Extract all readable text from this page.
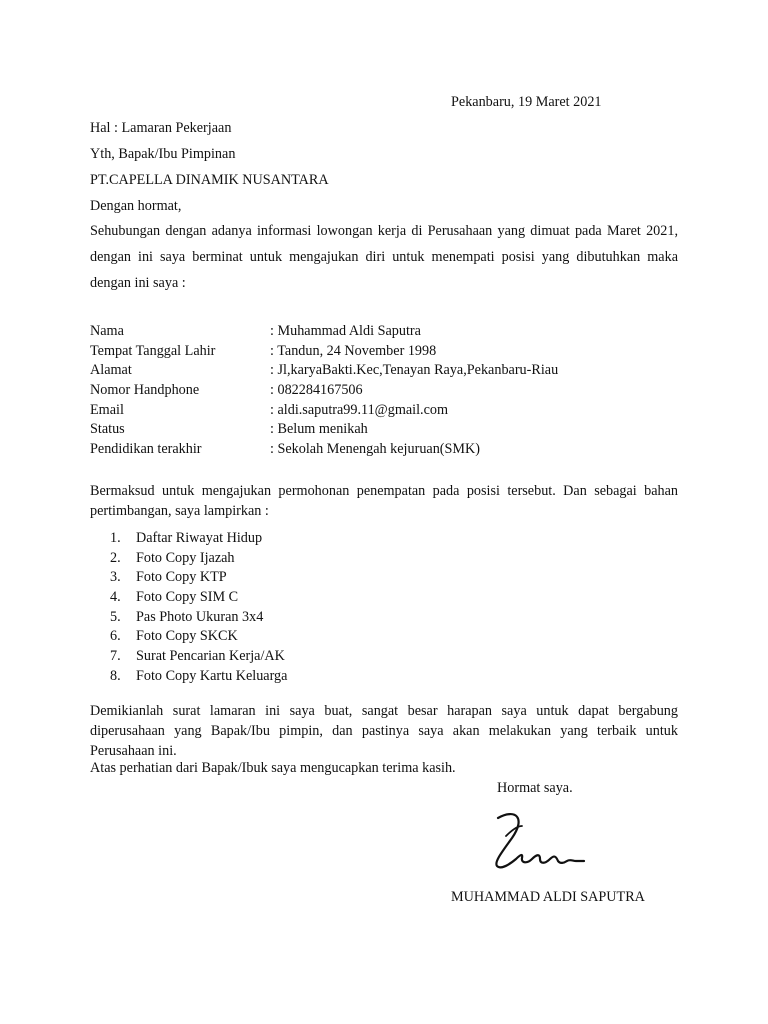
Pekanbaru, 19 Maret 2021
Hal : Lamaran Pekerjaan
Yth, Bapak/Ibu Pimpinan
PT.CAPELLA DINAMIK NUSANTARA
Dengan hormat,
Sehubungan dengan adanya informasi lowongan kerja di Perusahaan yang dimuat pada Maret 2021, dengan ini saya berminat untuk mengajukan diri untuk menempati posisi yang dibutuhkan maka dengan ini saya :
Nama	: Muhammad Aldi Saputra
Tempat Tanggal Lahir	: Tandun, 24 November 1998
Alamat	: Jl,karyaBakti.Kec,Tenayan Raya,Pekanbaru-Riau
Nomor Handphone	: 082284167506
Email	: aldi.saputra99.11@gmail.com
Status	: Belum menikah
Pendidikan terakhir	: Sekolah Menengah kejuruan(SMK)
Bermaksud untuk mengajukan permohonan penempatan pada posisi tersebut. Dan sebagai bahan pertimbangan, saya lampirkan :
1.	Daftar Riwayat Hidup
2.	Foto Copy Ijazah
3.	Foto Copy KTP
4.	Foto Copy SIM C
5.	Pas Photo Ukuran 3x4
6.	Foto Copy SKCK
7.	Surat Pencarian Kerja/AK
8.	Foto Copy Kartu Keluarga
Demikianlah surat lamaran ini saya buat, sangat besar harapan saya untuk dapat bergabung diperusahaan yang Bapak/Ibu pimpin, dan pastinya saya akan melakukan yang terbaik untuk Perusahaan ini.
Atas perhatian dari Bapak/Ibuk saya mengucapkan terima kasih.
Hormat saya.
MUHAMMAD ALDI SAPUTRA
